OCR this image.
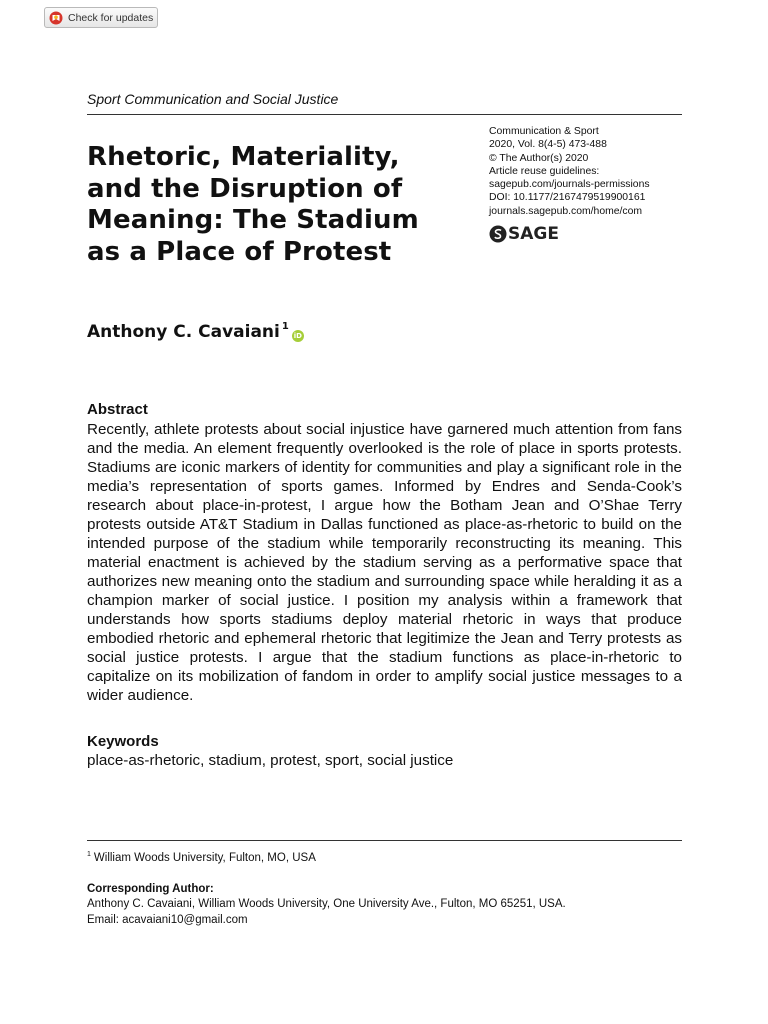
Check for updates
Sport Communication and Social Justice
Rhetoric, Materiality,
and the Disruption of
Meaning: The Stadium
as a Place of Protest
Communication & Sport
2020, Vol. 8(4-5) 473-488
© The Author(s) 2020
Article reuse guidelines:
sagepub.com/journals-permissions
DOI: 10.1177/2167479519900161
journals.sagepub.com/home/com
SAGE
Anthony C. Cavaiani$^1$
iD
Abstract

Recently, athlete protests about social injustice have garnered much attention from fans and the media. An element frequently overlooked is the role of place in sports protests. Stadiums are iconic markers of identity for communities and play a significant role in the media’s representation of sports games. Informed by Endres and Senda-Cook’s research about place-in-protest, I argue how the Botham Jean and O’Shae Terry protests outside AT&T Stadium in Dallas functioned as place-as-rhetoric to build on the intended purpose of the stadium while temporarily reconstructing its meaning. This material enactment is achieved by the stadium serving as a performative space that authorizes new meaning onto the stadium and surrounding space while heralding it as a champion marker of social justice. I position my analysis within a framework that understands how sports stadiums deploy material rhetoric in ways that produce embodied rhetoric and ephemeral rhetoric that legitimize the Jean and Terry protests as social justice protests. I argue that the stadium functions as place-in-rhetoric to capitalize on its mobilization of fandom in order to amplify social justice messages to a wider audience.

Keywords
place-as-rhetoric, stadium, protest, sport, social justice
$^1$ William Woods University, Fulton, MO, USA
Corresponding Author:
Anthony C. Cavaiani, William Woods University, One University Ave., Fulton, MO 65251, USA.
Email: acavaiani10@gmail.com
